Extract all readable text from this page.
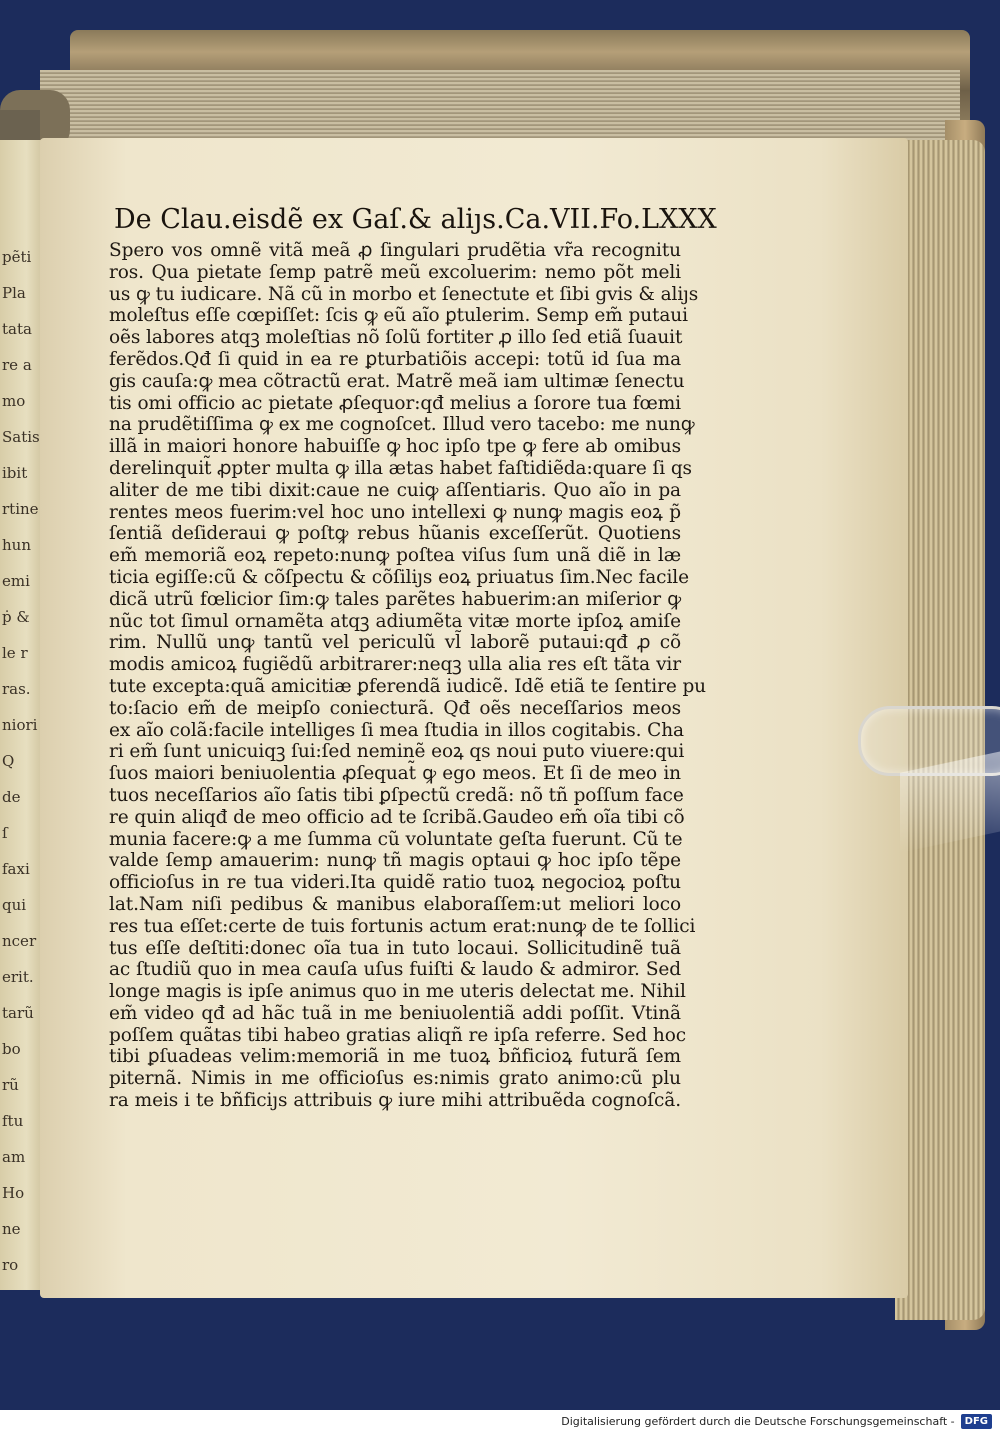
pẽti
Pla
tata
re a
mo
Satis
ibit
rtine
hun
emi
ṗ &
le r
ras.
niori
Q
de
ſ
faxi
qui
ncer
erit.
tarũ
bo
rũ
ftu
am
Ho
ne
ro
De Clau.eisdẽ ex Gaſ.& aliȷs.Ca.VII. Fo.LXXX
Spero vos omnẽ vitã meã ꝓ ſingulari prudẽtia vr̃a recognitu
ros. Qua pietate ſemp patrẽ meũ excoluerim: nemo põt meli
us ꝙ tu iudicare. Nã cũ in morbo et ſenectute et ſibi gvis & aliȷs
moleſtus eſſe cœpiſſet: ſcis ꝙ eũ aĩo ꝑtulerim. Semp em̃ putaui
oẽs labores atqꝫ moleſtias nõ ſolũ fortiter ꝓ illo ſed etiã ſuauit
ferẽdos.Qđ ſi quid in ea re ꝑturbatiõis accepi: totũ id ſua ma
gis cauſa:ꝙ mea cõtractũ erat. Matrẽ meã iam ultimæ ſenectu
tis omi officio ac pietate ꝓſequor:qđ melius a ſorore tua fœmi
na prudẽtiſſima ꝙ ex me cognoſcet. Illud vero tacebo: me nunꝙ
illã in maiori honore habuiſſe ꝙ hoc ipſo tpe ꝙ fere ab omibus
derelinquit̃ ꝓpter multa ꝙ illa ætas habet faſtidiẽda:quare ſi qs
aliter de me tibi dixit:caue ne cuiꝙ aſſentiaris. Quo aĩo in pa
rentes meos fuerim:vel hoc uno intellexi ꝙ nunꝙ magis eoꝝ p̃
ſentiã deſideraui ꝙ poſtꝙ rebus hũanis exceſſerũt. Quotiens
em̃ memoriã eoꝝ repeto:nunꝙ poſtea viſus ſum unã diẽ in læ
ticia egiſſe:cũ & cõſpectu & cõſiliȷs eoꝝ priuatus ſim.Nec facile
dicã utrũ fœlicior ſim:ꝙ tales parẽtes habuerim:an miſerior ꝙ
nũc tot ſimul ornamẽta atqꝫ adiumẽta vitæ morte ipſoꝝ amiſe
rim. Nullũ unꝙ tantũ vel periculũ vl̃ laborẽ putaui:qđ ꝓ cõ
modis amicoꝝ fugiẽdũ arbitrarer:neqꝫ ulla alia res eſt tãta vir
tute excepta:quã amicitiæ ꝑferendã iudicẽ. Idẽ etiã te ſentire pu
to:ſacio em̃ de meipſo coniecturã. Qđ oẽs neceſſarios meos
ex aĩo colã:facile intelliges ſi mea ſtudia in illos cogitabis. Cha
ri em̃ ſunt unicuiqꝫ ſui:ſed neminẽ eoꝝ qs noui puto viuere:qui
ſuos maiori beniuolentia ꝓſequat̃ ꝙ ego meos. Et ſi de meo in
tuos neceſſarios aĩo ſatis tibi ꝑſpectũ credã: nõ tñ poſſum face
re quin aliqđ de meo officio ad te ſcribã.Gaudeo em̃ oĩa tibi cõ
munia facere:ꝙ a me ſumma cũ voluntate geſta fuerunt. Cũ te
valde ſemp amauerim: nunꝙ tñ magis optaui ꝙ hoc ipſo tẽpe
officioſus in re tua videri.Ita quidẽ ratio tuoꝝ negocioꝝ poſtu
lat.Nam niſi pedibus & manibus elaboraſſem:ut meliori loco
res tua eſſet:certe de tuis fortunis actum erat:nunꝙ de te ſollici
tus eſſe deſtiti:donec oĩa tua in tuto locaui. Sollicitudinẽ tuã
ac ſtudiũ quo in mea cauſa uſus fuiſti & laudo & admiror. Sed
longe magis is ipſe animus quo in me uteris delectat me. Nihil
em̃ video qđ ad hãc tuã in me beniuolentiã addi poſſit. Vtinã
poſſem quãtas tibi habeo gratias aliqñ re ipſa referre. Sed hoc
tibi ꝑſuadeas velim:memoriã in me tuoꝝ bñficioꝝ futurã ſem
piternã. Nimis in me officioſus es:nimis grato animo:cũ plu
ra meis i te bñficiȷs attribuis ꝙ iure mihi attribuẽda cognoſcã.
Digitalisierung gefördert durch die Deutsche Forschungsgemeinschaft -	DFG
